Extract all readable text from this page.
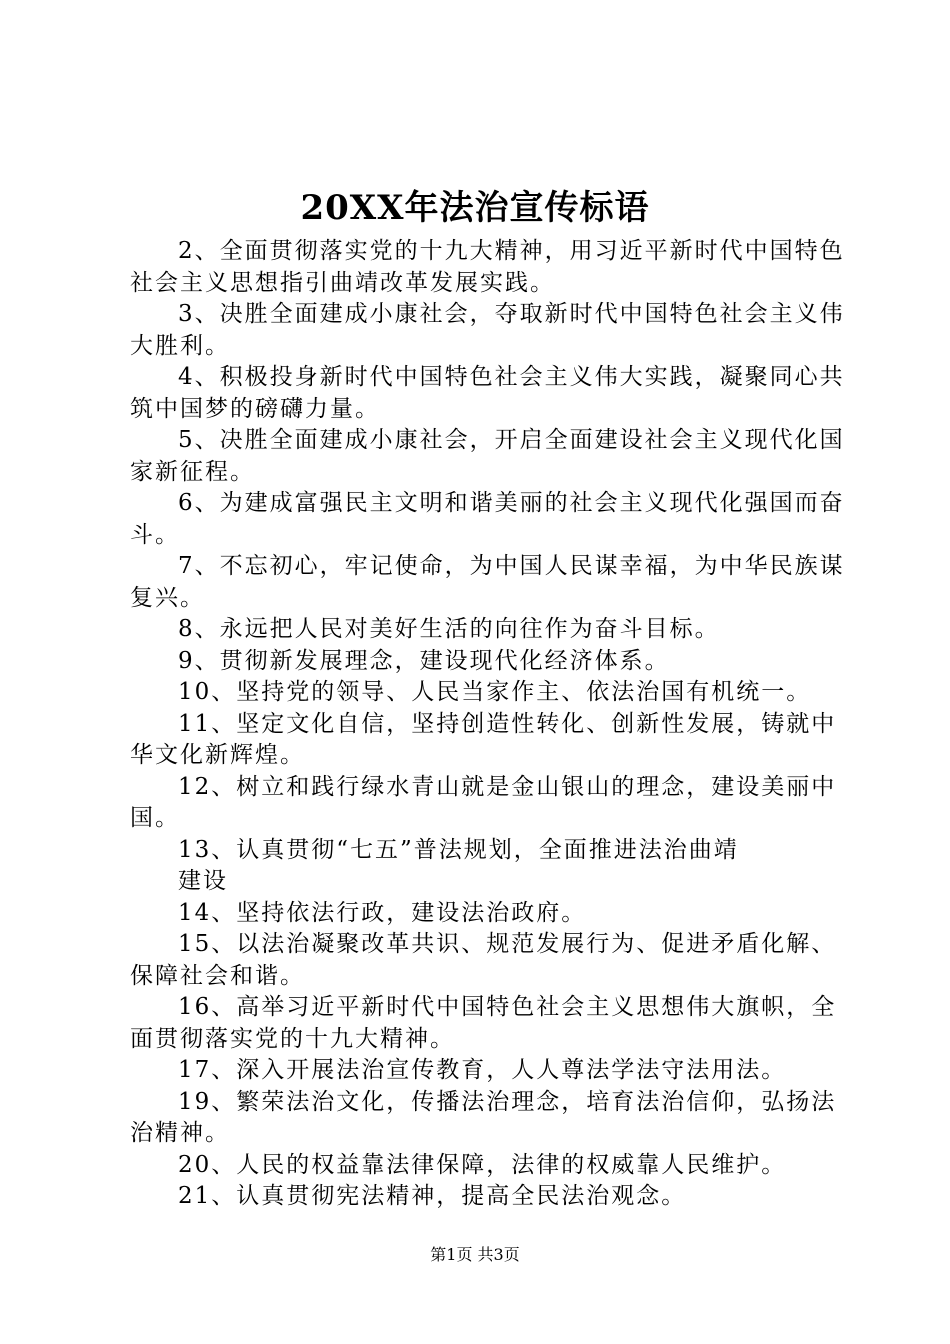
20XX年法治宣传标语

2、全面贯彻落实党的十九大精神，用习近平新时代中国特色社会主义思想指引曲靖改革发展实践。

3、决胜全面建成小康社会，夺取新时代中国特色社会主义伟大胜利。

4、积极投身新时代中国特色社会主义伟大实践，凝聚同心共筑中国梦的磅礴力量。

5、决胜全面建成小康社会，开启全面建设社会主义现代化国家新征程。

6、为建成富强民主文明和谐美丽的社会主义现代化强国而奋斗。

7、不忘初心，牢记使命，为中国人民谋幸福，为中华民族谋复兴。

8、永远把人民对美好生活的向往作为奋斗目标。

9、贯彻新发展理念，建设现代化经济体系。

10、坚持党的领导、人民当家作主、依法治国有机统一。

11、坚定文化自信，坚持创造性转化、创新性发展，铸就中华文化新辉煌。

12、树立和践行绿水青山就是金山银山的理念，建设美丽中国。

13、认真贯彻“七五”普法规划，全面推进法治曲靖

建设

14、坚持依法行政，建设法治政府。

15、以法治凝聚改革共识、规范发展行为、促进矛盾化解、保障社会和谐。

16、高举习近平新时代中国特色社会主义思想伟大旗帜，全面贯彻落实党的十九大精神。

17、深入开展法治宣传教育，人人尊法学法守法用法。

19、繁荣法治文化，传播法治理念，培育法治信仰，弘扬法治精神。

20、人民的权益靠法律保障，法律的权威靠人民维护。

21、认真贯彻宪法精神，提高全民法治观念。

第1页 共3页
